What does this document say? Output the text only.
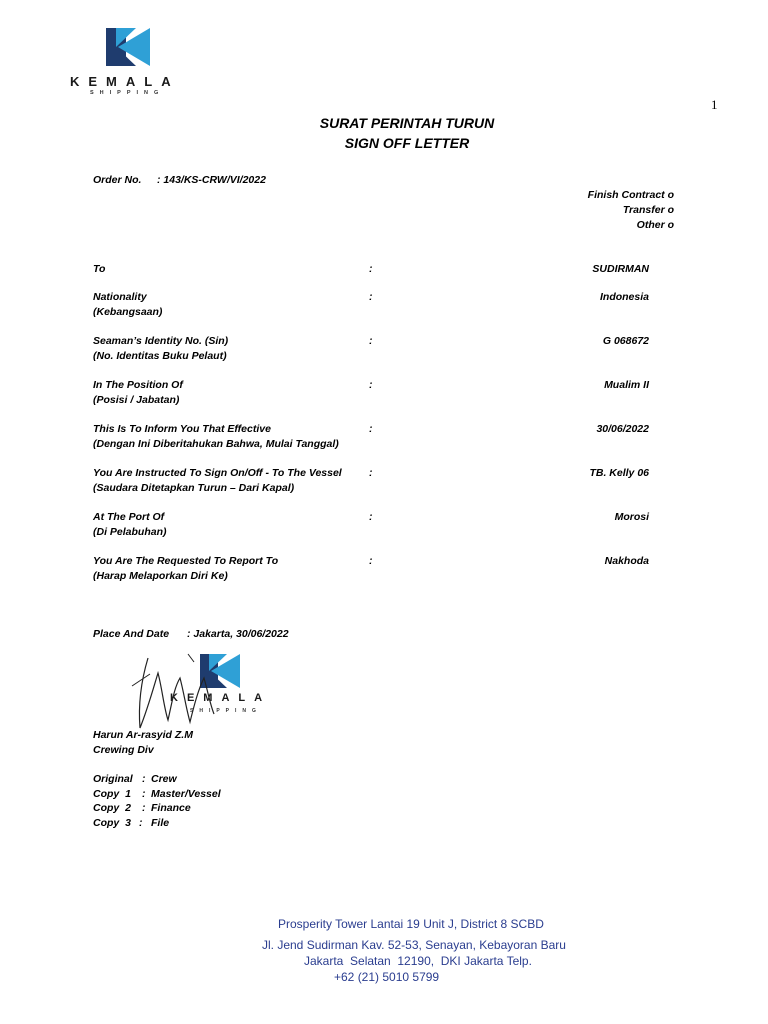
KEMALA
SHIPPING
1
SURAT PERINTAH TURUN
SIGN OFF LETTER
Order No. : 143/KS-CRW/VI/2022
Finish Contract o
Transfer o
Other o
To	:	SUDIRMAN
Nationality
(Kebangsaan)
:	Indonesia
Seaman’s Identity No. (Sin)
(No. Identitas Buku Pelaut)
:	G 068672
In The Position Of
(Posisi / Jabatan)
:	Mualim II
This Is To Inform You That Effective
(Dengan Ini Diberitahukan Bahwa, Mulai Tanggal)
:	30/06/2022
You Are Instructed To Sign On/Off - To The Vessel
(Saudara Ditetapkan Turun – Dari Kapal)
:	TB. Kelly 06
At The Port Of
(Di Pelabuhan)
:	Morosi
You Are The Requested To Report To
(Harap Melaporkan Diri Ke)
:	Nakhoda
Place And Date : Jakarta, 30/06/2022
KEMALA
SHIPPING
Harun Ar-rasyid Z.M
Crewing Div
Original : Crew
Copy  1 : Master/Vessel
Copy  2 : Finance
Copy  3 : File
Prosperity Tower Lantai 19 Unit J, District 8 SCBD
Jl. Jend Sudirman Kav. 52-53, Senayan, Kebayoran Baru
Jakarta  Selatan  12190,  DKI Jakarta Telp.
+62 (21) 5010 5799
